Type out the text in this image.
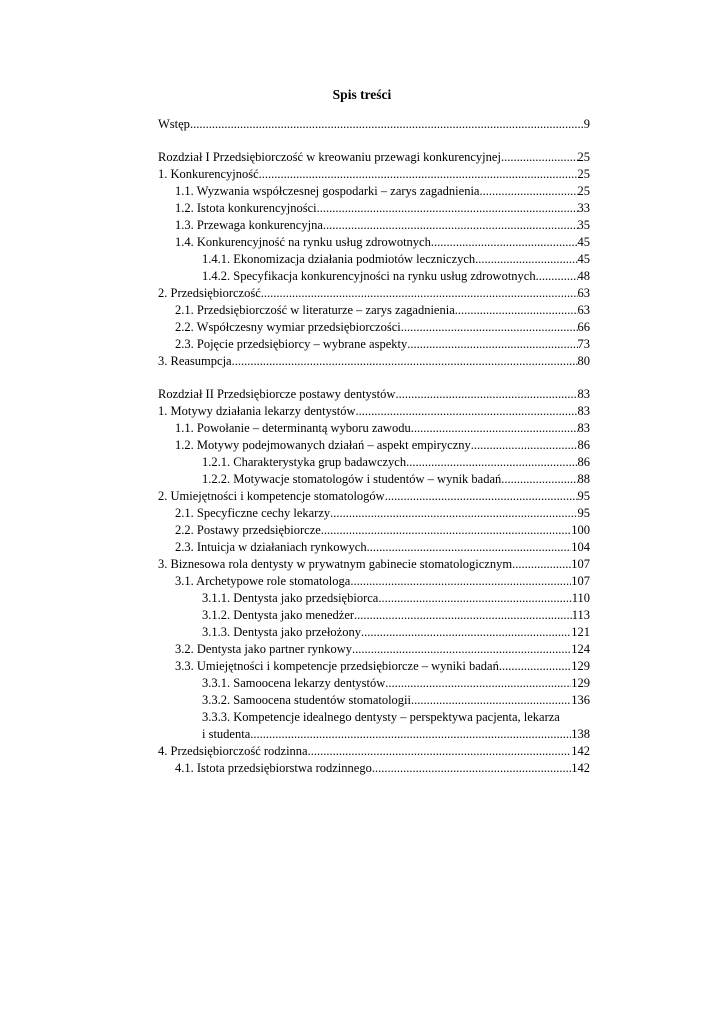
Spis treści
Wstęp .....	9
Rozdział I Przedsiębiorczość w kreowaniu przewagi konkurencyjnej .....	25
1. Konkurencyjność .....	25
1.1. Wyzwania współczesnej gospodarki – zarys zagadnienia .....	25
1.2. Istota konkurencyjności .....	33
1.3. Przewaga konkurencyjna .....	35
1.4. Konkurencyjność na rynku usług zdrowotnych .....	45
1.4.1. Ekonomizacja działania podmiotów leczniczych .....	45
1.4.2. Specyfikacja konkurencyjności na rynku usług zdrowotnych .....	48
2. Przedsiębiorczość .....	63
2.1. Przedsiębiorczość w literaturze – zarys zagadnienia .....	63
2.2. Współczesny wymiar przedsiębiorczości .....	66
2.3. Pojęcie przedsiębiorcy – wybrane aspekty .....	73
3. Reasumpcja .....	80
Rozdział II Przedsiębiorcze postawy dentystów .....	83
1. Motywy działania lekarzy dentystów .....	83
1.1. Powołanie – determinantą wyboru zawodu .....	83
1.2. Motywy podejmowanych działań – aspekt empiryczny .....	86
1.2.1. Charakterystyka grup badawczych .....	86
1.2.2. Motywacje stomatologów i studentów – wynik badań .....	88
2. Umiejętności i kompetencje stomatologów .....	95
2.1. Specyficzne cechy lekarzy .....	95
2.2. Postawy przedsiębiorcze .....	100
2.3. Intuicja w działaniach rynkowych .....	104
3. Biznesowa rola dentysty w prywatnym gabinecie stomatologicznym .....	107
3.1. Archetypowe role stomatologa .....	107
3.1.1. Dentysta jako przedsiębiorca .....	110
3.1.2. Dentysta jako menedżer .....	113
3.1.3. Dentysta jako przełożony .....	121
3.2. Dentysta jako partner rynkowy .....	124
3.3. Umiejętności i kompetencje przedsiębiorcze – wyniki badań .....	129
3.3.1. Samoocena lekarzy dentystów .....	129
3.3.2. Samoocena studentów stomatologii .....	136
3.3.3. Kompetencje idealnego dentysty – perspektywa pacjenta, lekarza
i studenta .....	138
4. Przedsiębiorczość rodzinna .....	142
4.1. Istota przedsiębiorstwa rodzinnego .....	142
